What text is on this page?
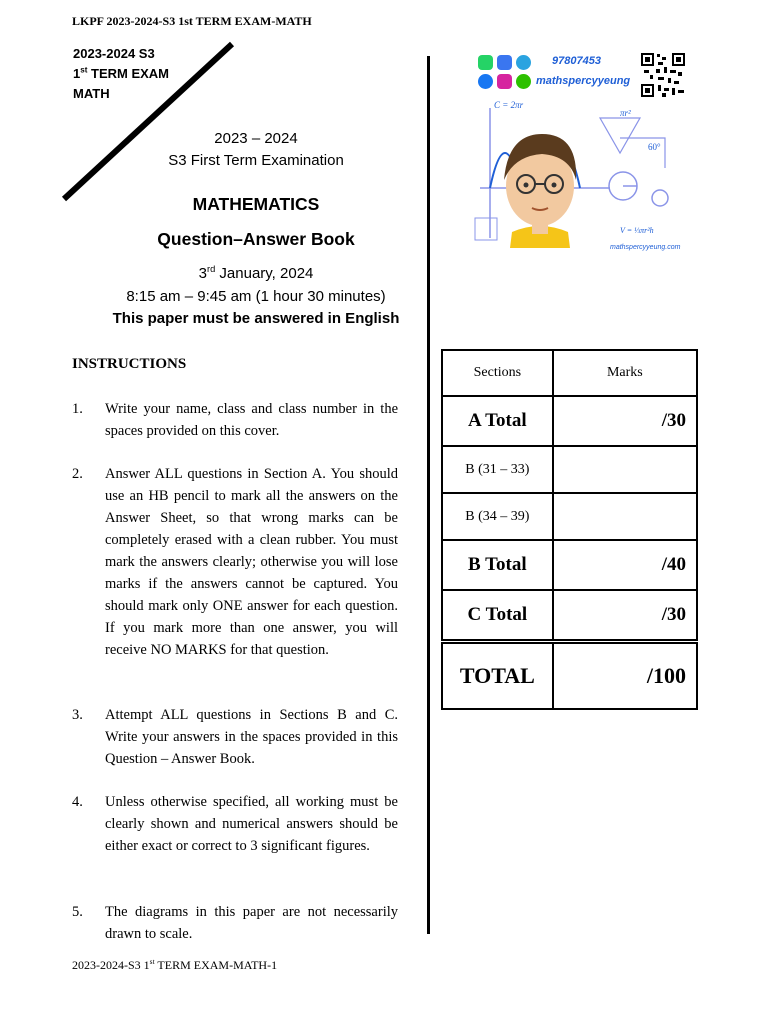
LKPF 2023-2024-S3 1st TERM EXAM-MATH
2023-2024 S3
1st TERM EXAM
MATH
2023 – 2024
S3 First Term Examination
MATHEMATICS
Question–Answer Book
3rd January, 2024
8:15 am – 9:45 am (1 hour 30 minutes)
This paper must be answered in English
INSTRUCTIONS
1. Write your name, class and class number in the spaces provided on this cover.
2. Answer ALL questions in Section A. You should use an HB pencil to mark all the answers on the Answer Sheet, so that wrong marks can be completely erased with a clean rubber. You must mark the answers clearly; otherwise you will lose marks if the answers cannot be captured. You should mark only ONE answer for each question. If you mark more than one answer, you will receive NO MARKS for that question.
3. Attempt ALL questions in Sections B and C. Write your answers in the spaces provided in this Question – Answer Book.
4. Unless otherwise specified, all working must be clearly shown and numerical answers should be either exact or correct to 3 significant figures.
5. The diagrams in this paper are not necessarily drawn to scale.
97807453
mathspercyyeung
C = 2πr
πr²
60°
V = ⅓πr²h
mathspercyyeung.com
Sections	Marks
A Total	/30
B (31 – 33)	
B (34 – 39)	
B Total	/40
C Total	/30
TOTAL	/100
2023-2024-S3 1st TERM EXAM-MATH-1
